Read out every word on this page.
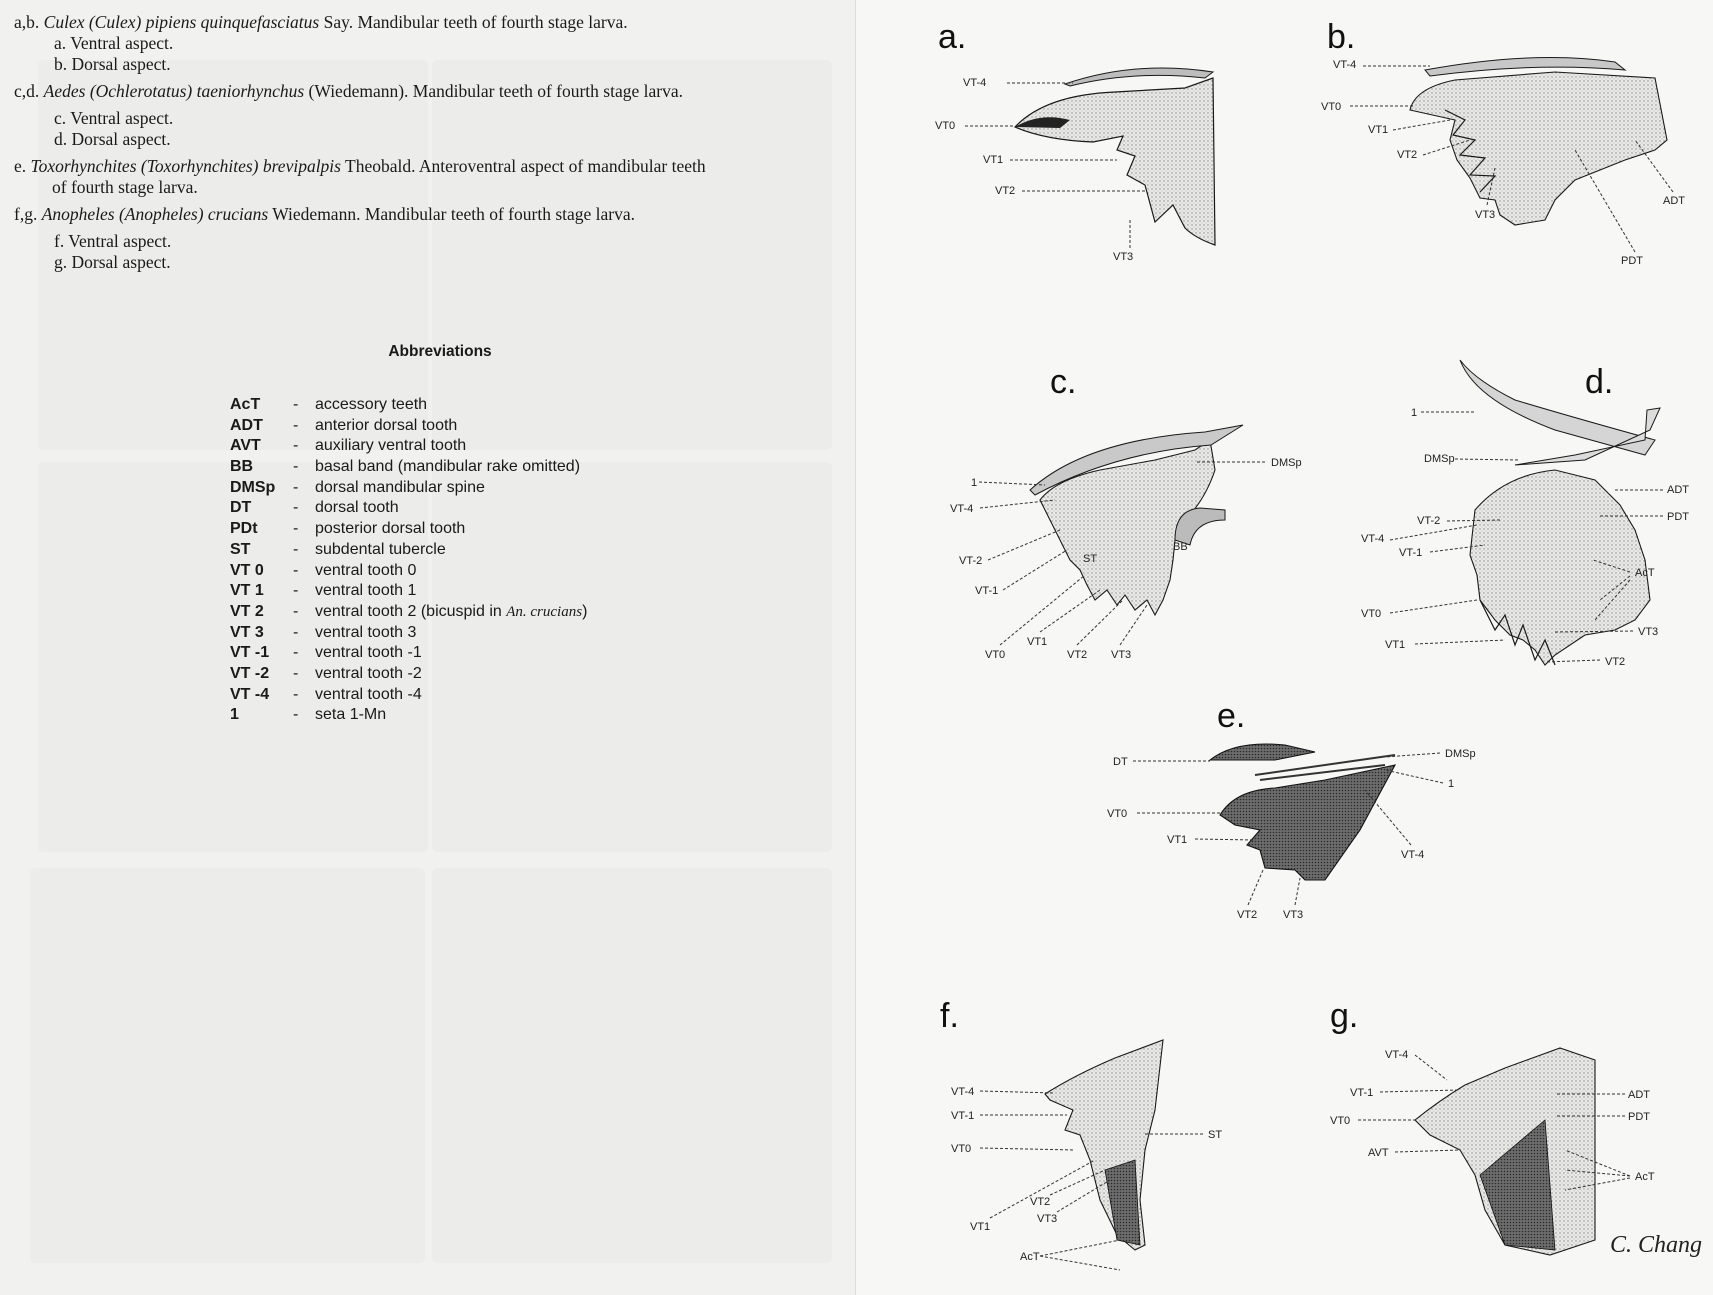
a,b. Culex (Culex) pipiens quinquefasciatus Say. Mandibular teeth of fourth stage larva.
a. Ventral aspect.
b. Dorsal aspect.
c,d. Aedes (Ochlerotatus) taeniorhynchus (Wiedemann). Mandibular teeth of fourth stage larva.
c. Ventral aspect.
d. Dorsal aspect.
e. Toxorhynchites (Toxorhynchites) brevipalpis Theobald. Anteroventral aspect of mandibular teeth
of fourth stage larva.
f,g. Anopheles (Anopheles) crucians Wiedemann. Mandibular teeth of fourth stage larva.
f. Ventral aspect.
g. Dorsal aspect.
Abbreviations
AcT	- accessory teeth
ADT	- anterior dorsal tooth
AVT	- auxiliary ventral tooth
BB	- basal band (mandibular rake omitted)
DMSp	- dorsal mandibular spine
DT	- dorsal tooth
PDt	- posterior dorsal tooth
ST	- subdental tubercle
VT 0	- ventral tooth 0
VT 1	- ventral tooth 1
VT 2	- ventral tooth 2 (bicuspid in An. crucians)
VT 3	- ventral tooth 3
VT -1	- ventral tooth -1
VT -2	- ventral tooth -2
VT -4	- ventral tooth -4
1	- seta 1-Mn
a.
VT-4
VT0
VT1
VT2
VT3
b.
VT-4
VT0
VT1
VT2
VT3
ADT
PDT
c.
1
VT-4
VT-2
VT-1
VT0
VT1
VT2 VT3
ST
BB
DMSp
d.
1
DMSp
ADT
PDT
VT-2
VT-4
VT-1
AcT
VT0
VT1
VT2
VT3
e.
DT
DMSp
1
VT0
VT1
VT-4
VT2 VT3
f.
VT-4
VT-1
VT0
ST
VT1
VT2
VT3
AcT
g.
VT-4
VT-1
VT0
AVT
ADT
PDT
AcT
C. Chang
